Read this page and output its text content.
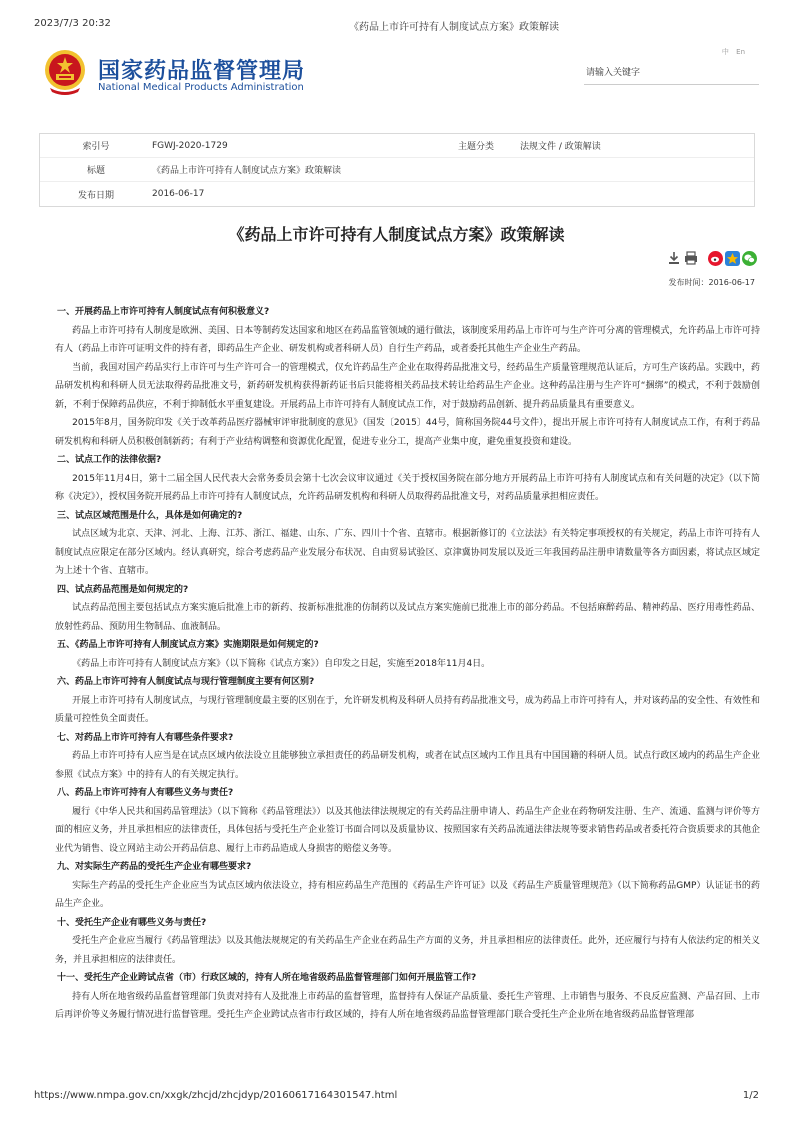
2023/7/3 20:32	《药品上市许可持有人制度试点方案》政策解读
国家药品监督管理局
National Medical Products Administration
中 En
请输入关键字
索引号	FGWJ-2020-1729	主题分类	法规文件 / 政策解读
标题	《药品上市许可持有人制度试点方案》政策解读
发布日期	2016-06-17
《药品上市许可持有人制度试点方案》政策解读
发布时间：2016-06-17

一、开展药品上市许可持有人制度试点有何积极意义?

药品上市许可持有人制度是欧洲、美国、日本等制药发达国家和地区在药品监管领域的通行做法，该制度采用药品上市许可与生产许可分离的管理模式，允许药品上市许可持有人（药品上市许可证明文件的持有者，即药品生产企业、研发机构或者科研人员）自行生产药品，或者委托其他生产企业生产药品。

当前，我国对国产药品实行上市许可与生产许可合一的管理模式，仅允许药品生产企业在取得药品批准文号，经药品生产质量管理规范认证后，方可生产该药品。实践中，药品研发机构和科研人员无法取得药品批准文号，新药研发机构获得新药证书后只能将相关药品技术转让给药品生产企业。这种药品注册与生产许可“捆绑”的模式，不利于鼓励创新，不利于保障药品供应，不利于抑制低水平重复建设。开展药品上市许可持有人制度试点工作，对于鼓励药品创新、提升药品质量具有重要意义。

2015年8月，国务院印发《关于改革药品医疗器械审评审批制度的意见》（国发〔2015〕44号，简称国务院44号文件），提出开展上市许可持有人制度试点工作，有利于药品研发机构和科研人员积极创制新药；有利于产业结构调整和资源优化配置，促进专业分工，提高产业集中度，避免重复投资和建设。

二、试点工作的法律依据?

2015年11月4日，第十二届全国人民代表大会常务委员会第十七次会议审议通过《关于授权国务院在部分地方开展药品上市许可持有人制度试点和有关问题的决定》（以下简称《决定》），授权国务院开展药品上市许可持有人制度试点，允许药品研发机构和科研人员取得药品批准文号，对药品质量承担相应责任。

三、试点区域范围是什么，具体是如何确定的?

试点区域为北京、天津、河北、上海、江苏、浙江、福建、山东、广东、四川十个省、直辖市。根据新修订的《立法法》有关特定事项授权的有关规定，药品上市许可持有人制度试点应限定在部分区域内。经认真研究，综合考虑药品产业发展分布状况、自由贸易试验区、京津冀协同发展以及近三年我国药品注册申请数量等各方面因素，将试点区域定为上述十个省、直辖市。

四、试点药品范围是如何规定的?

试点药品范围主要包括试点方案实施后批准上市的新药、按新标准批准的仿制药以及试点方案实施前已批准上市的部分药品。不包括麻醉药品、精神药品、医疗用毒性药品、放射性药品、预防用生物制品、血液制品。

五、《药品上市许可持有人制度试点方案》实施期限是如何规定的?

《药品上市许可持有人制度试点方案》（以下简称《试点方案》）自印发之日起，实施至2018年11月4日。

六、药品上市许可持有人制度试点与现行管理制度主要有何区别?

开展上市许可持有人制度试点，与现行管理制度最主要的区别在于，允许研发机构及科研人员持有药品批准文号，成为药品上市许可持有人，并对该药品的安全性、有效性和质量可控性负全面责任。

七、对药品上市许可持有人有哪些条件要求?

药品上市许可持有人应当是在试点区域内依法设立且能够独立承担责任的药品研发机构，或者在试点区域内工作且具有中国国籍的科研人员。试点行政区域内的药品生产企业参照《试点方案》中的持有人的有关规定执行。

八、药品上市许可持有人有哪些义务与责任?

履行《中华人民共和国药品管理法》（以下简称《药品管理法》）以及其他法律法规规定的有关药品注册申请人、药品生产企业在药物研发注册、生产、流通、监测与评价等方面的相应义务，并且承担相应的法律责任，具体包括与受托生产企业签订书面合同以及质量协议、按照国家有关药品流通法律法规等要求销售药品或者委托符合资质要求的其他企业代为销售、设立网站主动公开药品信息、履行上市药品造成人身损害的赔偿义务等。

九、对实际生产药品的受托生产企业有哪些要求?

实际生产药品的受托生产企业应当为试点区域内依法设立，持有相应药品生产范围的《药品生产许可证》以及《药品生产质量管理规范》（以下简称药品GMP）认证证书的药品生产企业。

十、受托生产企业有哪些义务与责任?

受托生产企业应当履行《药品管理法》以及其他法规规定的有关药品生产企业在药品生产方面的义务，并且承担相应的法律责任。此外，还应履行与持有人依法约定的相关义务，并且承担相应的法律责任。

十一、受托生产企业跨试点省（市）行政区域的，持有人所在地省级药品监督管理部门如何开展监管工作?

持有人所在地省级药品监督管理部门负责对持有人及批准上市药品的监督管理，监督持有人保证产品质量、委托生产管理、上市销售与服务、不良反应监测、产品召回、上市后再评价等义务履行情况进行监督管理。受托生产企业跨试点省市行政区域的，持有人所在地省级药品监督管理部门联合受托生产企业所在地省级药品监督管理部

https://www.nmpa.gov.cn/xxgk/zhcjd/zhcjdyp/20160617164301547.html	1/2
